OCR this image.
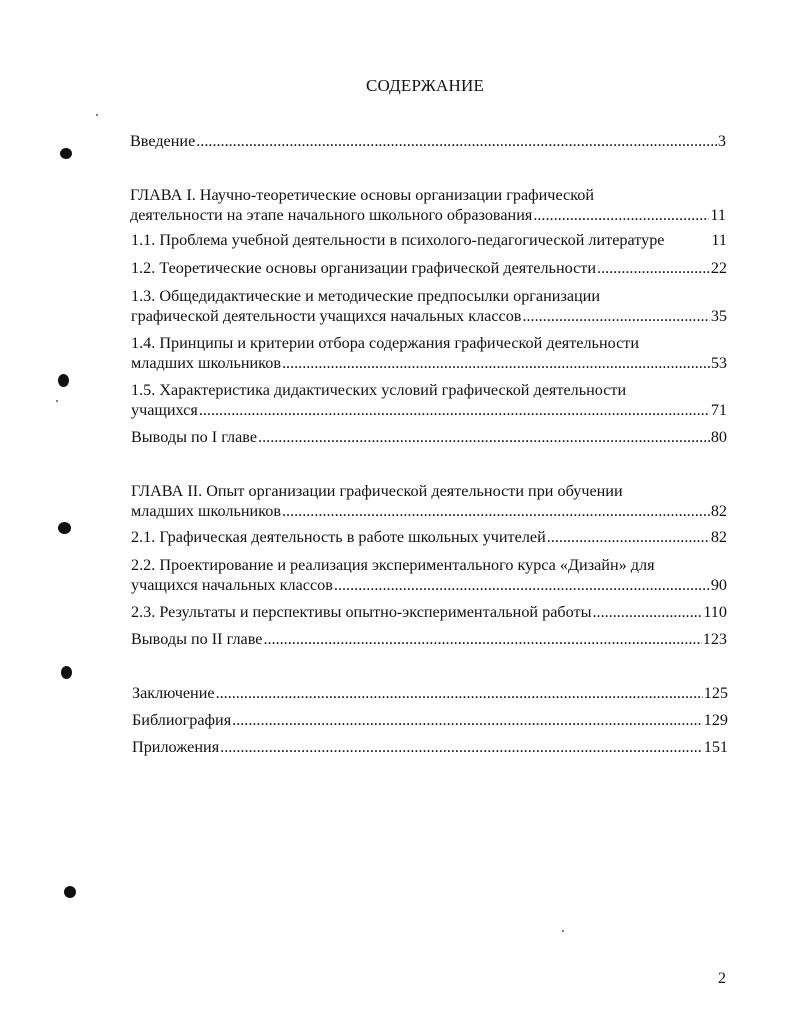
СОДЕРЖАНИЕ
Введение .....	3
ГЛАВА I. Научно-теоретические основы организации графической
деятельности на этапе начального школьного образования .....	11
1.1. Проблема учебной деятельности в психолого-педагогической литературе	11
1.2. Теоретические основы организации графической деятельности .....	22
1.3. Общедидактические и методические предпосылки организации
графической деятельности учащихся начальных классов .....	35
1.4. Принципы и критерии отбора содержания графической деятельности
младших школьников .....	53
1.5. Характеристика дидактических условий графической деятельности
учащихся .....	71
Выводы по I главе .....	80
ГЛАВА II. Опыт организации графической деятельности при обучении
младших школьников .....	82
2.1. Графическая деятельность в работе школьных учителей .....	82
2.2. Проектирование и реализация экспериментального курса «Дизайн» для
учащихся начальных классов .....	90
2.3. Результаты и перспективы опытно-экспериментальной работы .....	110
Выводы по II главе .....	123
Заключение .....	125
Библиография .....	129
Приложения .....	151
2
